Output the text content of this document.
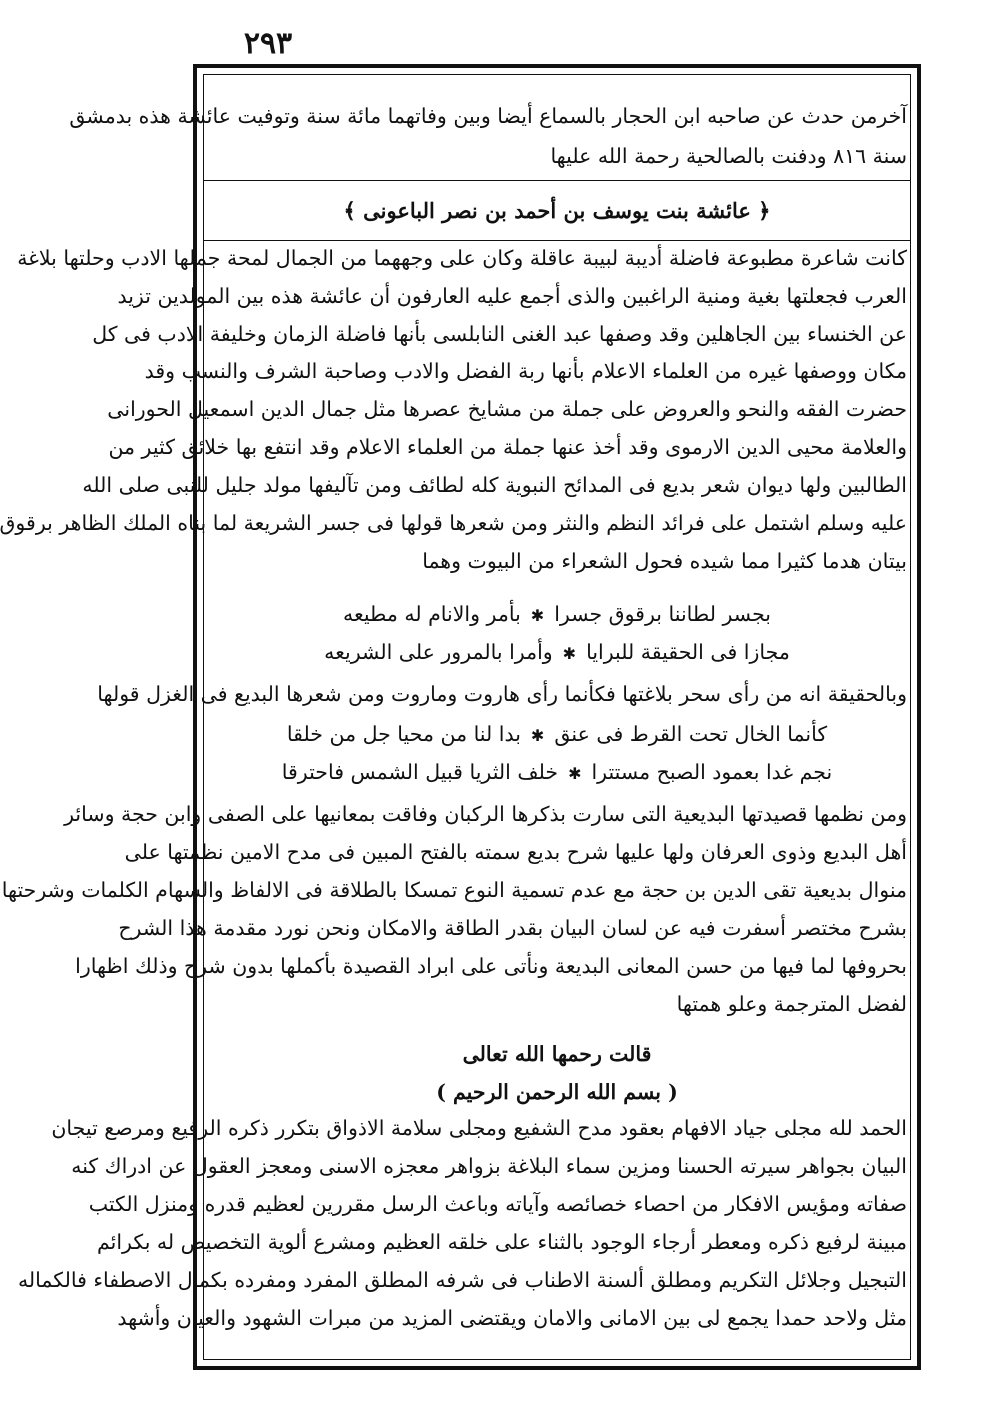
٢٩٣
آخرمن حدث عن صاحبه ابن الحجار بالسماع أيضا وبين وفاتهما مائة سنة وتوفيت عائشة هذه بدمشق
سنة ٨١٦ ودفنت بالصالحية رحمة الله عليها
﴿ عائشة بنت يوسف بن أحمد بن نصر الباعونى ﴾
كانت شاعرة مطبوعة فاضلة أديبة لبيبة عاقلة وكان على وجههما من الجمال لمحة جملها الادب وحلتها بلاغة
العرب فجعلتها بغية ومنية الراغبين والذى أجمع عليه العارفون أن عائشة هذه بين المولدين تزيد
عن الخنساء بين الجاهلين وقد وصفها عبد الغنى النابلسى بأنها فاضلة الزمان وخليفة الادب فى كل
مكان ووصفها غيره من العلماء الاعلام بأنها ربة الفضل والادب وصاحبة الشرف والنسب وقد
حضرت الفقه والنحو والعروض على جملة من مشايخ عصرها مثل جمال الدين اسمعيل الحورانى
والعلامة محيى الدين الارموى وقد أخذ عنها جملة من العلماء الاعلام وقد انتفع بها خلائق كثير من
الطالبين ولها ديوان شعر بديع فى المدائح النبوية كله لطائف ومن تآليفها مولد جليل للنبى صلى الله
عليه وسلم اشتمل على فرائد النظم والنثر ومن شعرها قولها فى جسر الشريعة لما بناه الملك الظاهر برقوق
بيتان هدما كثيرا مما شيده فحول الشعراء من البيوت وهما
بجسر لطاننا برقوق جسرا✱بأمر والانام له مطيعه
مجازا فى الحقيقة للبرايا✱وأمرا بالمرور على الشريعه
وبالحقيقة انه من رأى سحر بلاغتها فكأنما رأى هاروت وماروت ومن شعرها البديع فى الغزل قولها
كأنما الخال تحت القرط فى عنق✱بدا لنا من محيا جل من خلقا
نجم غدا بعمود الصبح مستترا✱خلف الثريا قبيل الشمس فاحترقا
ومن نظمها قصيدتها البديعية التى سارت بذكرها الركبان وفاقت بمعانيها على الصفى وابن حجة وسائر
أهل البديع وذوى العرفان ولها عليها شرح بديع سمته بالفتح المبين فى مدح الامين نظمتها على
منوال بديعية تقى الدين بن حجة مع عدم تسمية النوع تمسكا بالطلاقة فى الالفاظ والسهام الكلمات وشرحتها
بشرح مختصر أسفرت فيه عن لسان البيان بقدر الطاقة والامكان ونحن نورد مقدمة هذا الشرح
بحروفها لما فيها من حسن المعانى البديعة ونأتى على ابراد القصيدة بأكملها بدون شرح وذلك اظهارا
لفضل المترجمة وعلو همتها
قالت رحمها الله تعالى
( بسم الله الرحمن الرحيم )
الحمد لله مجلى جياد الافهام بعقود مدح الشفيع ومجلى سلامة الاذواق بتكرر ذكره الرفيع ومرصع تيجان
البيان بجواهر سيرته الحسنا ومزين سماء البلاغة بزواهر معجزه الاسنى ومعجز العقول عن ادراك كنه
صفاته ومؤيس الافكار من احصاء خصائصه وآياته وباعث الرسل مقررين لعظيم قدره ومنزل الكتب
مبينة لرفيع ذكره ومعطر أرجاء الوجود بالثناء على خلقه العظيم ومشرع ألوية التخصيص له بكرائم
التبجيل وجلائل التكريم ومطلق ألسنة الاطناب فى شرفه المطلق المفرد ومفرده بكمال الاصطفاء فالكماله
مثل ولاحد حمدا يجمع لى بين الامانى والامان ويقتضى المزيد من مبرات الشهود والعيان وأشهد
